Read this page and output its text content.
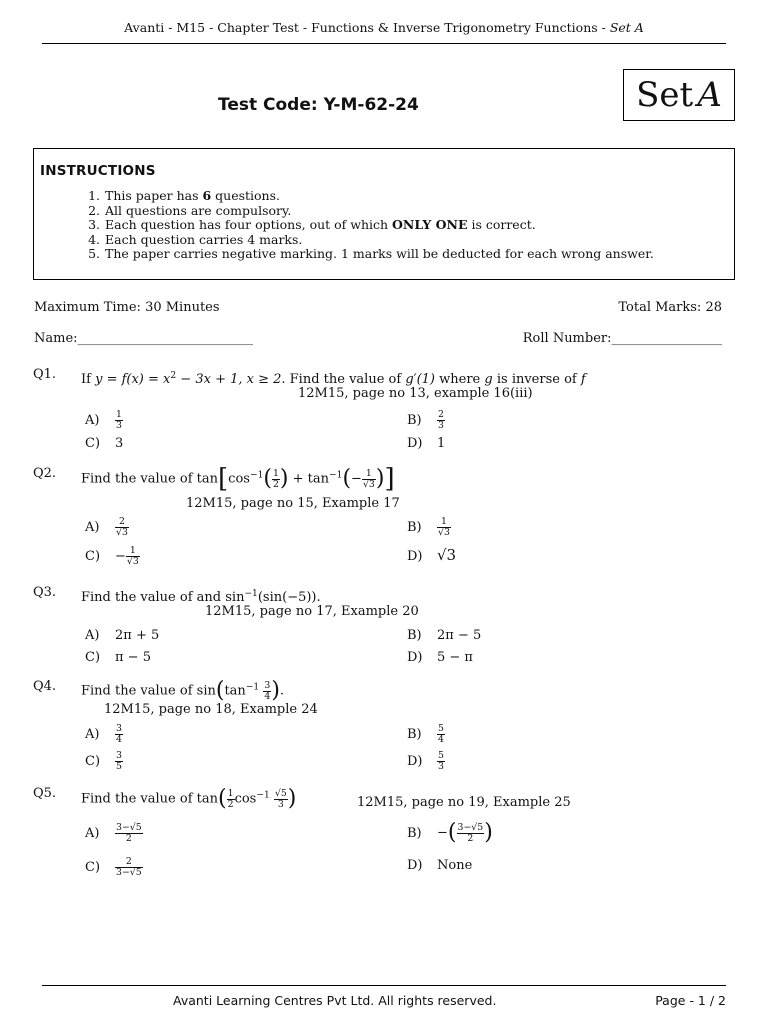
Avanti - M15 - Chapter Test - Functions & Inverse Trigonometry Functions - Set A
Test Code: Y-M-62-24	Set A
INSTRUCTIONS
1. This paper has 6 questions.
2. All questions are compulsory.
3. Each question has four options, out of which ONLY ONE is correct.
4. Each question carries 4 marks.
5. The paper carries negative marking. 1 marks will be deducted for each wrong answer.
Maximum Time: 30 Minutes	Total Marks: 28
Name:___________________________	Roll Number:_________________
Q1. If $y = f(x) = x^2 - 3x + 1$, x ≥ 2. Find the value of g′(1) where g is inverse of f
12M15, page no 13, example 16(iii)
$A) \frac{1}{3}$	$B) \frac{2}{3}$
C) 3	D) 1
Q2. Find the value of $\tan[\cos^{-1}( \frac{1}{2}$ ) + $\tan^{-1}(- \frac{1}{√3}$ )]
12M15, page no 15, Example 17
$A) \frac{2}{√3}$	$B) \frac{1}{√3}$
$C) - \frac{1}{√3}$	D) √3
Q3. Find the value of and $\sin^{-1}(\sin(-5))$.
12M15, page no 17, Example 20
A) 2π + 5	B) 2π − 5
C) π − 5	D) 5 − π
Q4. Find the value of $\sin(\tan^{-1} \frac{3}{4}$ ).
12M15, page no 18, Example 24
$A) \frac{3}{4}$	$B) \frac{5}{4}$
$C) \frac{3}{5}$	$D) \frac{5}{3}$
Q5. Find the value of $\tan( \frac{1}{2} \cos^{-1} \frac{√5}{3}$ )	12M15, page no 19, Example 25
$A) \frac{3-√5}{2}$	B) −( $\frac{3-√5}{2}$ )
$C) \frac{2}{3-√5}$	D) None
Avanti Learning Centres Pvt Ltd. All rights reserved.	Page - 1 / 2
